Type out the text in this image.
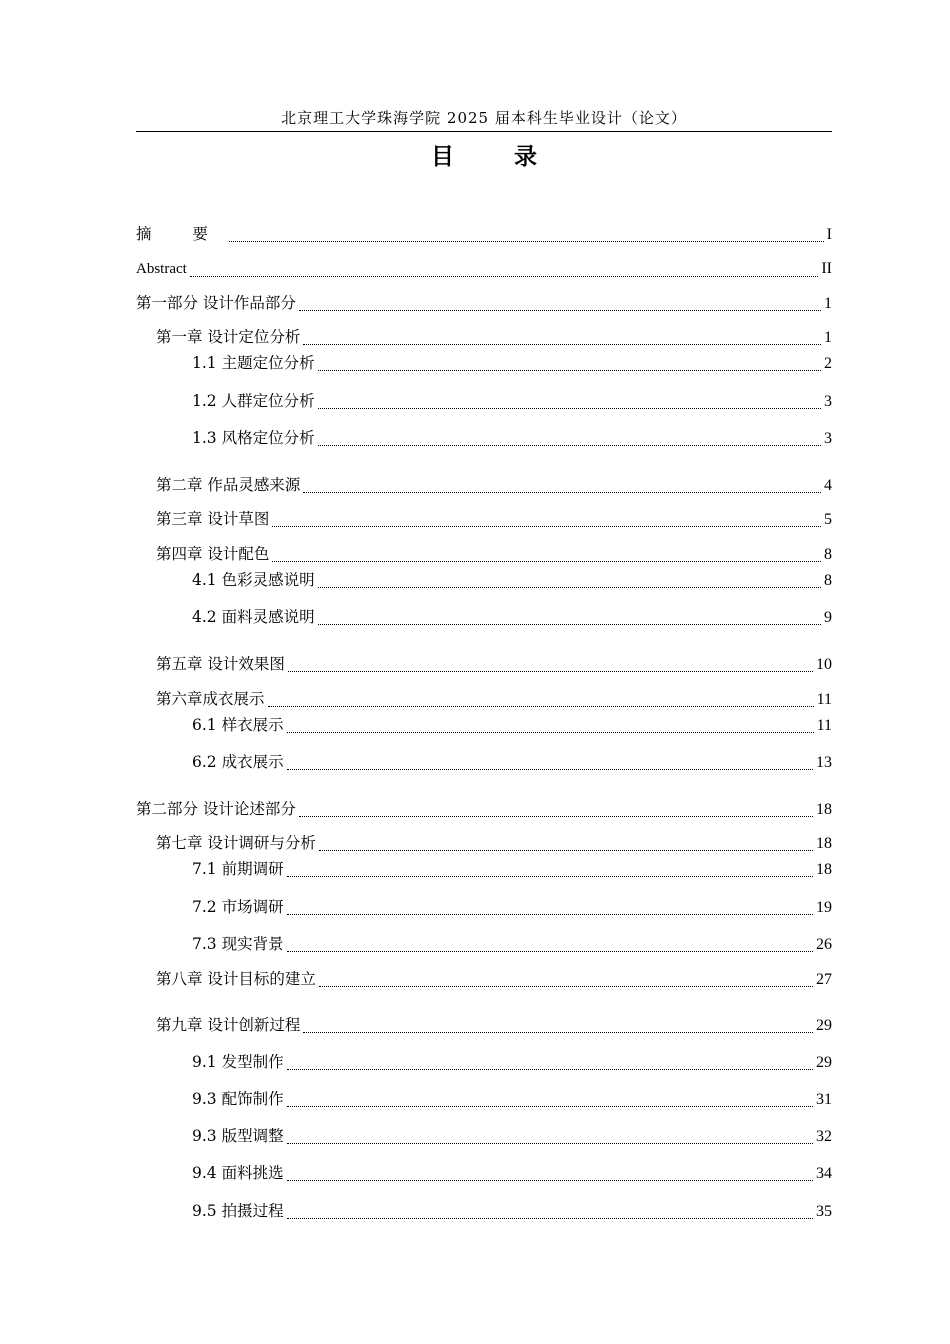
北京理工大学珠海学院 2025 届本科生毕业设计（论文）
目 录
摘 要	I
Abstract	II
第一部分 设计作品部分	1
第一章 设计定位分析	1
1.1 主题定位分析	2
1.2 人群定位分析	3
1.3 风格定位分析	3
第二章 作品灵感来源	4
第三章 设计草图	5
第四章 设计配色	8
4.1 色彩灵感说明	8
4.2 面料灵感说明	9
第五章 设计效果图	10
第六章成衣展示	11
6.1 样衣展示	11
6.2 成衣展示	13
第二部分 设计论述部分	18
第七章 设计调研与分析	18
7.1 前期调研	18
7.2 市场调研	19
7.3 现实背景	26
第八章 设计目标的建立	27
第九章 设计创新过程	29
9.1 发型制作	29
9.3 配饰制作	31
9.3 版型调整	32
9.4 面料挑选	34
9.5 拍摄过程	35
